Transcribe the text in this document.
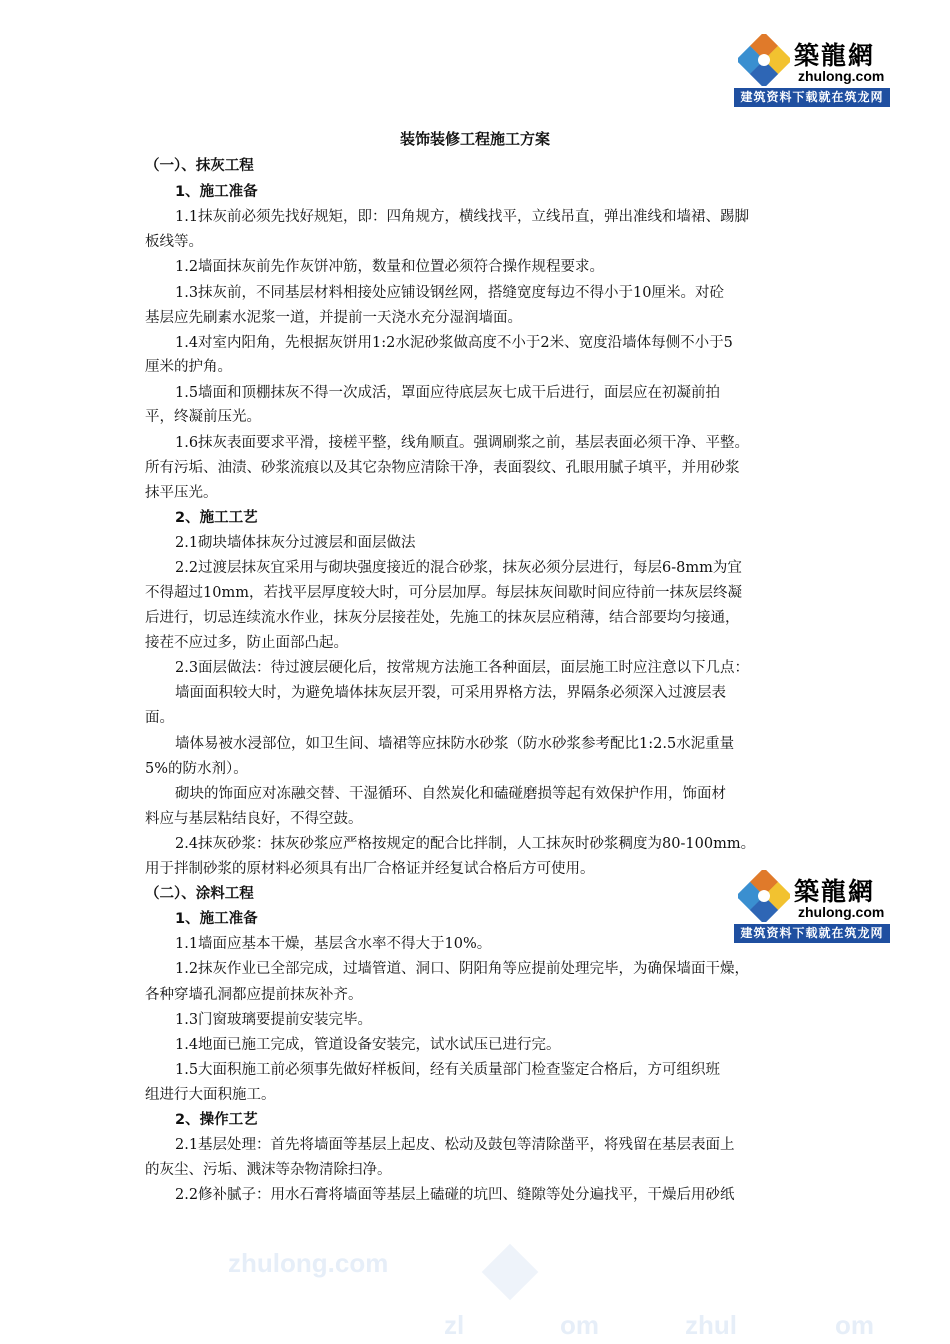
築龍網
zhulong.com
建筑资料下载就在筑龙网
築龍網
zhulong.com
建筑资料下载就在筑龙网
装饰装修工程施工方案
（一）、抹灰工程
1、施工准备
1.1抹灰前必须先找好规矩，即：四角规方，横线找平，立线吊直，弹出准线和墙裙、踢脚
板线等。
1.2墙面抹灰前先作灰饼冲筋，数量和位置必须符合操作规程要求。
1.3抹灰前，不同基层材料相接处应铺设钢丝网，搭缝宽度每边不得小于10厘米。对砼
基层应先刷素水泥浆一道，并提前一天浇水充分湿润墙面。
1.4对室内阳角，先根据灰饼用1:2水泥砂浆做高度不小于2米、宽度沿墙体每侧不小于5
厘米的护角。
1.5墙面和顶棚抹灰不得一次成活，罩面应待底层灰七成干后进行，面层应在初凝前拍
平，终凝前压光。
1.6抹灰表面要求平滑，接槎平整，线角顺直。强调刷浆之前，基层表面必须干净、平整。
所有污垢、油渍、砂浆流痕以及其它杂物应清除干净，表面裂纹、孔眼用腻子填平，并用砂浆
抹平压光。
2、施工工艺
2.1砌块墙体抹灰分过渡层和面层做法
2.2过渡层抹灰宜采用与砌块强度接近的混合砂浆，抹灰必须分层进行，每层6-8mm为宜
不得超过10mm，若找平层厚度较大时，可分层加厚。每层抹灰间歇时间应待前一抹灰层终凝
后进行，切忌连续流水作业，抹灰分层接茬处，先施工的抹灰层应稍薄，结合部要均匀接通，
接茬不应过多，防止面部凸起。
2.3面层做法：待过渡层硬化后，按常规方法施工各种面层，面层施工时应注意以下几点：
墙面面积较大时，为避免墙体抹灰层开裂，可采用界格方法，界隔条必须深入过渡层表
面。
墙体易被水浸部位，如卫生间、墙裙等应抹防水砂浆（防水砂浆参考配比1:2.5水泥重量
5%的防水剂）。
砌块的饰面应对冻融交替、干湿循环、自然炭化和磕碰磨损等起有效保护作用，饰面材
料应与基层粘结良好，不得空鼓。
2.4抹灰砂浆：抹灰砂浆应严格按规定的配合比拌制，人工抹灰时砂浆稠度为80-100mm。
用于拌制砂浆的原材料必须具有出厂合格证并经复试合格后方可使用。
（二）、涂料工程
1、施工准备
1.1墙面应基本干燥，基层含水率不得大于10%。
1.2抹灰作业已全部完成，过墙管道、洞口、阴阳角等应提前处理完毕，为确保墙面干燥，
各种穿墙孔洞都应提前抹灰补齐。
1.3门窗玻璃要提前安装完毕。
1.4地面已施工完成，管道设备安装完，试水试压已进行完。
1.5大面积施工前必须事先做好样板间，经有关质量部门检查鉴定合格后，方可组织班
组进行大面积施工。
2、操作工艺
2.1基层处理：首先将墙面等基层上起皮、松动及鼓包等清除凿平，将残留在基层表面上
的灰尘、污垢、溅沫等杂物清除扫净。
2.2修补腻子：用水石膏将墙面等基层上磕碰的坑凹、缝隙等处分遍找平，干燥后用砂纸
zhulong.com
zl	om	zhul	om
